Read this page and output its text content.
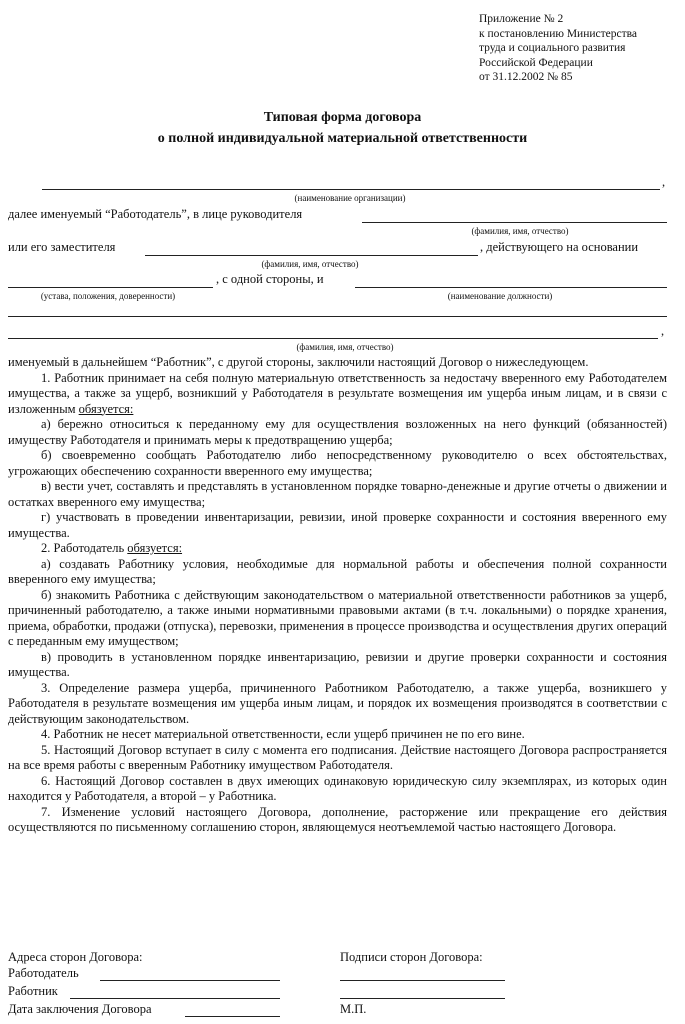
Приложение № 2
к постановлению Министерства
труда и социального развития
Российской Федерации
от 31.12.2002 № 85
Типовая форма договора
о полной индивидуальной материальной ответственности
,
(наименование организации)
далее именуемый “Работодатель”, в лице руководителя
(фамилия, имя, отчество)
или его заместителя	, действующего на основании
(фамилия, имя, отчество)
, с одной стороны, и
(устава, положения, доверенности)	(наименование должности)
,
(фамилия, имя, отчество)

именуемый в дальнейшем “Работник”, с другой стороны, заключили настоящий Договор о нижеследующем.

1. Работник принимает на себя полную материальную ответственность за недостачу вверенного ему Работодателем имущества, а также за ущерб, возникший у Работодателя в результате возмещения им ущерба иным лицам, и в связи с изложенным обязуется:

а) бережно относиться к переданному ему для осуществления возложенных на него функций (обязанностей) имуществу Работодателя и принимать меры к предотвращению ущерба;

б) своевременно сообщать Работодателю либо непосредственному руководителю о всех обстоятельствах, угрожающих обеспечению сохранности вверенного ему имущества;

в) вести учет, составлять и представлять в установленном порядке товарно-денежные и другие отчеты о движении и остатках вверенного ему имущества;

г) участвовать в проведении инвентаризации, ревизии, иной проверке сохранности и состояния вверенного ему имущества.

2. Работодатель обязуется:

а) создавать Работнику условия, необходимые для нормальной работы и обеспечения полной сохранности вверенного ему имущества;

б) знакомить Работника с действующим законодательством о материальной ответственности работников за ущерб, причиненный работодателю, а также иными нормативными правовыми актами (в т.ч. локальными) о порядке хранения, приема, обработки, продажи (отпуска), перевозки, применения в процессе производства и осуществления других операций с переданным ему имуществом;

в) проводить в установленном порядке инвентаризацию, ревизии и другие проверки сохранности и состояния имущества.

3. Определение размера ущерба, причиненного Работником Работодателю, а также ущерба, возникшего у Работодателя в результате возмещения им ущерба иным лицам, и порядок их возмещения производятся в соответствии с действующим законодательством.

4. Работник не несет материальной ответственности, если ущерб причинен не по его вине.

5. Настоящий Договор вступает в силу с момента его подписания. Действие настоящего Договора распространяется на все время работы с вверенным Работнику имуществом Работодателя.

6. Настоящий Договор составлен в двух имеющих одинаковую юридическую силу экземплярах, из которых один находится у Работодателя, а второй – у Работника.

7. Изменение условий настоящего Договора, дополнение, расторжение или прекращение его действия осуществляются по письменному соглашению сторон, являющемуся неотъемлемой частью настоящего Договора.

Адреса сторон Договора:	Подписи сторон Договора:
Работодатель
Работник
Дата заключения Договора	М.П.
